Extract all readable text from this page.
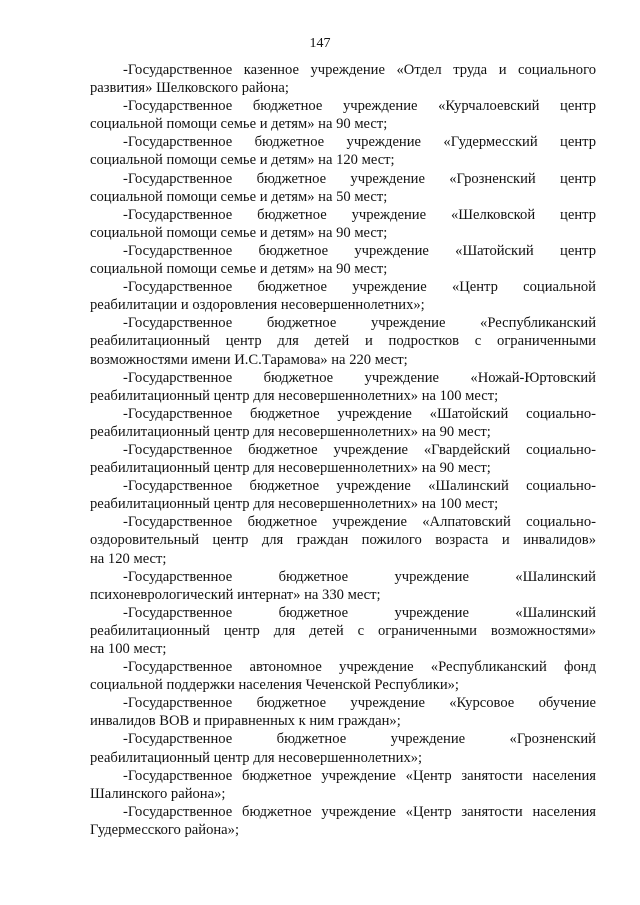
147

-Государственное казенное учреждение «Отдел труда и социального
развития» Шелковского района;

-Государственное бюджетное учреждение «Курчалоевский центр
социальной помощи семье и детям» на 90 мест;

-Государственное бюджетное учреждение «Гудермесский центр
социальной помощи семье и детям» на 120 мест;

-Государственное бюджетное учреждение «Грозненский центр
социальной помощи семье и детям» на 50 мест;

-Государственное бюджетное учреждение «Шелковской центр
социальной помощи семье и детям» на 90 мест;

-Государственное бюджетное учреждение «Шатойский центр
социальной помощи семье и детям» на 90 мест;

-Государственное бюджетное учреждение «Центр социальной
реабилитации и оздоровления несовершеннолетних»;

-Государственное бюджетное учреждение «Республиканский
реабилитационный центр для детей и подростков с ограниченными
возможностями имени И.С.Тарамова» на 220 мест;

-Государственное бюджетное учреждение «Ножай-Юртовский
реабилитационный центр для несовершеннолетних» на 100 мест;

-Государственное бюджетное учреждение «Шатойский социально-
реабилитационный центр для несовершеннолетних» на 90 мест;

-Государственное бюджетное учреждение «Гвардейский социально-
реабилитационный центр для несовершеннолетних» на 90 мест;

-Государственное бюджетное учреждение «Шалинский социально-
реабилитационный центр для несовершеннолетних» на 100 мест;

-Государственное бюджетное учреждение «Алпатовский социально-
оздоровительный центр для граждан пожилого возраста и инвалидов»
на 120 мест;

-Государственное бюджетное учреждение «Шалинский
психоневрологический интернат» на 330 мест;

-Государственное бюджетное учреждение «Шалинский
реабилитационный центр для детей с ограниченными возможностями»
на 100 мест;

-Государственное автономное учреждение «Республиканский фонд
социальной поддержки населения Чеченской Республики»;

-Государственное бюджетное учреждение «Курсовое обучение
инвалидов ВОВ и приравненных к ним граждан»;

-Государственное бюджетное учреждение «Грозненский
реабилитационный центр для несовершеннолетних»;

-Государственное бюджетное учреждение «Центр занятости населения
Шалинского района»;

-Государственное бюджетное учреждение «Центр занятости населения
Гудермесского района»;
